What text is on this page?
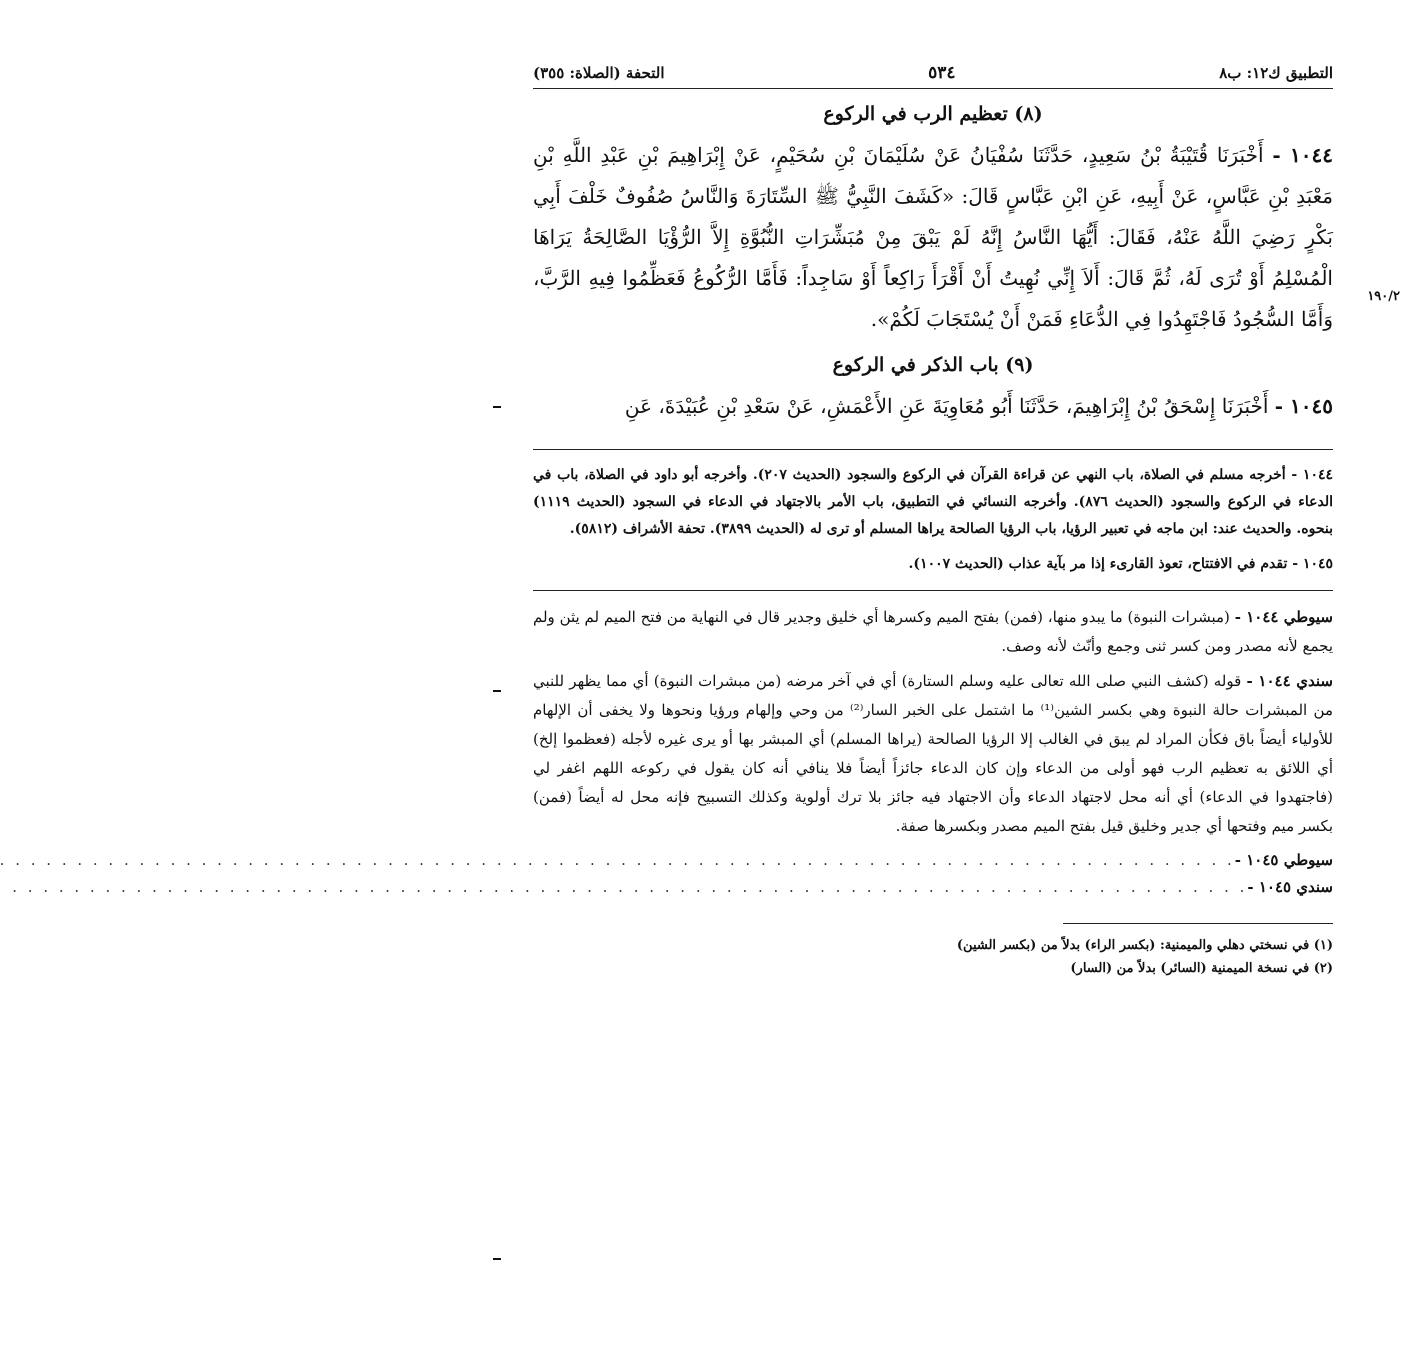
التطبيق ك١٢: ب٨
٥٣٤
التحفة (الصلاة: ٣٥٥)
(٨) تعظيم الرب في الركوع

١٠٤٤ - أَخْبَرَنَا قُتَيْبَةُ بْنُ سَعِيدٍ، حَدَّثَنَا سُفْيَانُ عَنْ سُلَيْمَانَ بْنِ سُحَيْمٍ، عَنْ إِبْرَاهِيمَ بْنِ عَبْدِ اللَّهِ بْنِ مَعْبَدِ بْنِ عَبَّاسٍ، عَنْ أَبِيهِ، عَنِ ابْنِ عَبَّاسٍ قَالَ: «كَشَفَ النَّبِيُّ ﷺ السِّتَارَةَ وَالنَّاسُ صُفُوفٌ خَلْفَ أَبِي بَكْرٍ رَضِيَ اللَّهُ عَنْهُ، فَقَالَ: أَيُّهَا النَّاسُ إِنَّهُ لَمْ يَبْقَ مِنْ مُبَشِّرَاتِ النُّبُوَّةِ إِلاَّ الرُّؤْيَا الصَّالِحَةُ يَرَاهَا الْمُسْلِمُ أَوْ تُرَى لَهُ، ثُمَّ قَالَ: أَلاَ إِنِّي نُهِيتُ أَنْ أَقْرَأَ رَاكِعاً أَوْ سَاجِداً: فَأَمَّا الرُّكُوعُ فَعَظِّمُوا فِيهِ الرَّبَّ، وَأَمَّا السُّجُودُ فَاجْتَهِدُوا فِي الدُّعَاءِ فَمَنْ أَنْ يُسْتَجَابَ لَكُمْ».

(٩) باب الذكر في الركوع

١٠٤٥ - أَخْبَرَنَا إِسْحَقُ بْنُ إِبْرَاهِيمَ، حَدَّثَنَا أَبُو مُعَاوِيَةَ عَنِ الأَعْمَشِ، عَنْ سَعْدِ بْنِ عُبَيْدَةَ، عَنِ

١٠٤٤ - أخرجه مسلم في الصلاة، باب النهي عن قراءة القرآن في الركوع والسجود (الحديث ٢٠٧). وأخرجه أبو داود في الصلاة، باب في الدعاء في الركوع والسجود (الحديث ٨٧٦). وأخرجه النسائي في التطبيق، باب الأمر بالاجتهاد في الدعاء في السجود (الحديث ١١١٩) بنحوه. والحديث عند: ابن ماجه في تعبير الرؤيا، باب الرؤيا الصالحة يراها المسلم أو ترى له (الحديث ٣٨٩٩). تحفة الأشراف (٥٨١٢).

١٠٤٥ - تقدم في الافتتاح، تعوذ القارىء إذا مر بآية عذاب (الحديث ١٠٠٧).

سيوطي ١٠٤٤ - (مبشرات النبوة) ما يبدو منها، (فمن) بفتح الميم وكسرها أي خليق وجدير قال في النهاية من فتح الميم لم يثن ولم يجمع لأنه مصدر ومن كسر ثنى وجمع وأنّث لأنه وصف.

سندي ١٠٤٤ - قوله (كشف النبي صلى الله تعالى عليه وسلم الستارة) أي في آخر مرضه (من مبشرات النبوة) أي مما يظهر للنبي من المبشرات حالة النبوة وهي بكسر الشين⁽¹⁾ ما اشتمل على الخبر السار⁽²⁾ من وحي وإلهام ورؤيا ونحوها ولا يخفى أن الإلهام للأولياء أيضاً باق فكأن المراد لم يبق في الغالب إلا الرؤيا الصالحة (يراها المسلم) أي المبشر بها أو يرى غيره لأجله (فعظموا إلخ) أي اللائق به تعظيم الرب فهو أولى من الدعاء وإن كان الدعاء جائزاً أيضاً فلا ينافي أنه كان يقول في ركوعه اللهم اغفر لي (فاجتهدوا في الدعاء) أي أنه محل لاجتهاد الدعاء وأن الاجتهاد فيه جائز بلا ترك أولوية وكذلك التسبيح فإنه محل له أيضاً (فمن) بكسر ميم وفتحها أي جدير وخليق قيل بفتح الميم مصدر وبكسرها صفة.

سيوطي ١٠٤٥ -
. . . . . . . . . . . . . . . . . . . . . . . . . . . . . . . . . . . . . . . . . . . . . . . . . . . . . . . . . . . . . . . . . . . . . . . . . . . . . . . .
سندي ١٠٤٥ -
. . . . . . . . . . . . . . . . . . . . . . . . . . . . . . . . . . . . . . . . . . . . . . . . . . . . . . . . . . . . . . . . . . . . . . . . . . . . . . . .

(١) في نسختي دهلي والميمنية: (بكسر الراء) بدلاً من (بكسر الشين)

(٢) في نسخة الميمنية (السائر) بدلاً من (السار)

١٩٠/٢
